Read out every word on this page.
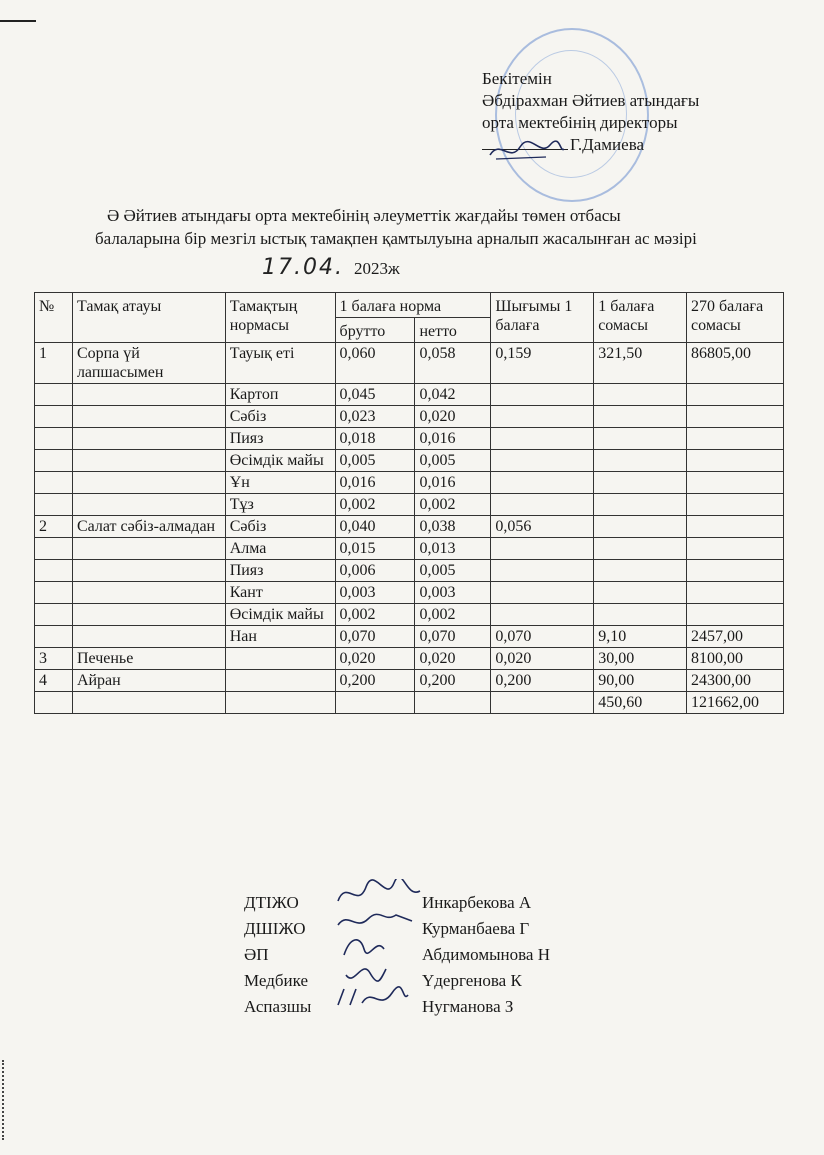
Бекітемін
Әбдірахман Әйтиев атындағы
орта мектебінің директоры
Г.Дамиева
Ә Әйтиев атындағы орта мектебінің әлеуметтік жағдайы төмен отбасы
балаларына бір мезгіл ыстық тамақпен қамтылуына арналып жасалынған ас мәзірі
17.04. 2023ж
№	Тамақ атауы	Тамақтың нормасы	1 балаға норма		Шығымы 1 балаға	1 балаға сомасы	270 балаға сомасы
			брутто	нетто			
1	Сорпа үй лапшасымен	Тауық еті	0,060	0,058	0,159	321,50	86805,00
		Картоп	0,045	0,042			
		Сәбіз	0,023	0,020			
		Пияз	0,018	0,016			
		Өсімдік майы	0,005	0,005			
		Ұн	0,016	0,016			
		Тұз	0,002	0,002			
2	Салат сәбіз-алмадан	Сәбіз	0,040	0,038	0,056		
		Алма	0,015	0,013			
		Пияз	0,006	0,005			
		Кант	0,003	0,003			
		Өсімдік майы	0,002	0,002			
		Нан	0,070	0,070	0,070	9,10	2457,00
3	Печенье		0,020	0,020	0,020	30,00	8100,00
4	Айран		0,200	0,200	0,200	90,00	24300,00
						450,60	121662,00
ДТІЖО	Инкарбекова А
ДШІЖО	Курманбаева Г
ӘП	Абдимомынова Н
Медбике	Үдергенова К
Аспазшы	Нугманова З
